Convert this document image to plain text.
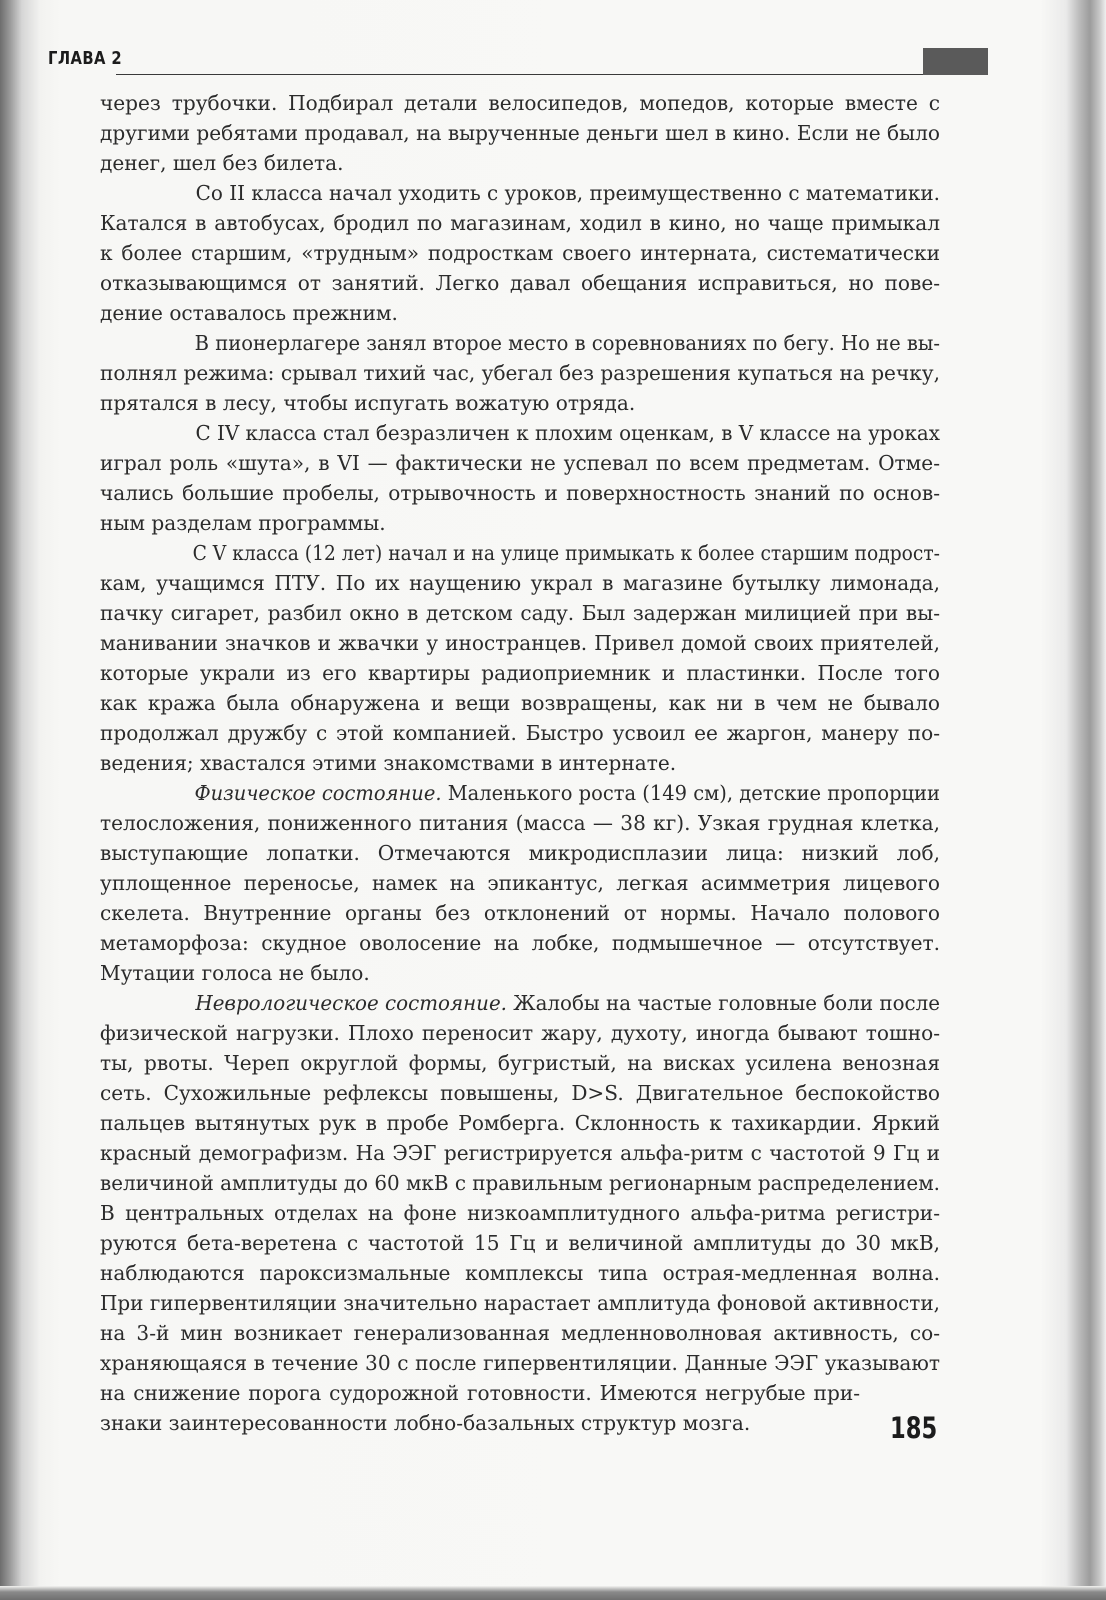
ГЛАВА 2
через трубочки. Подбирал детали велосипедов, мопедов, которые вместе с
другими ребятами продавал, на вырученные деньги шел в кино. Если не было
денег, шел без билета.
Со II класса начал уходить с уроков, преимущественно с математики.
Катался в автобусах, бродил по магазинам, ходил в кино, но чаще примыкал
к более старшим, «трудным» подросткам своего интерната, систематически
отказывающимся от занятий. Легко давал обещания исправиться, но пове-
дение оставалось прежним.
В пионерлагере занял второе место в соревнованиях по бегу. Но не вы-
полнял режима: срывал тихий час, убегал без разрешения купаться на речку,
прятался в лесу, чтобы испугать вожатую отряда.
С IV класса стал безразличен к плохим оценкам, в V классе на уроках
играл роль «шута», в VI — фактически не успевал по всем предметам. Отме-
чались большие пробелы, отрывочность и поверхностность знаний по основ-
ным разделам программы.
С V класса (12 лет) начал и на улице примыкать к более старшим подрост-
кам, учащимся ПТУ. По их наущению украл в магазине бутылку лимонада,
пачку сигарет, разбил окно в детском саду. Был задержан милицией при вы-
манивании значков и жвачки у иностранцев. Привел домой своих приятелей,
которые украли из его квартиры радиоприемник и пластинки. После того
как кража была обнаружена и вещи возвращены, как ни в чем не бывало
продолжал дружбу с этой компанией. Быстро усвоил ее жаргон, манеру по-
ведения; хвастался этими знакомствами в интернате.
Физическое состояние. Маленького роста (149 см), детские пропорции
телосложения, пониженного питания (масса — 38 кг). Узкая грудная клетка,
выступающие лопатки. Отмечаются микродисплазии лица: низкий лоб,
уплощенное переносье, намек на эпикантус, легкая асимметрия лицевого
скелета. Внутренние органы без отклонений от нормы. Начало полового
метаморфоза: скудное оволосение на лобке, подмышечное — отсутствует.
Мутации голоса не было.
Неврологическое состояние. Жалобы на частые головные боли после
физической нагрузки. Плохо переносит жару, духоту, иногда бывают тошно-
ты, рвоты. Череп округлой формы, бугристый, на висках усилена венозная
сеть. Сухожильные рефлексы повышены, D>S. Двигательное беспокойство
пальцев вытянутых рук в пробе Ромберга. Склонность к тахикардии. Яркий
красный демографизм. На ЭЭГ регистрируется альфа-ритм с частотой 9 Гц и
величиной амплитуды до 60 мкВ с правильным регионарным распределением.
В центральных отделах на фоне низкоамплитудного альфа-ритма регистри-
руются бета-веретена с частотой 15 Гц и величиной амплитуды до 30 мкВ,
наблюдаются пароксизмальные комплексы типа острая-медленная волна.
При гипервентиляции значительно нарастает амплитуда фоновой активности,
на 3-й мин возникает генерализованная медленноволновая активность, со-
храняющаяся в течение 30 с после гипервентиляции. Данные ЭЭГ указывают
на снижение порога судорожной готовности. Имеются негрубые при-
знаки заинтересованности лобно-базальных структур мозга.	185
